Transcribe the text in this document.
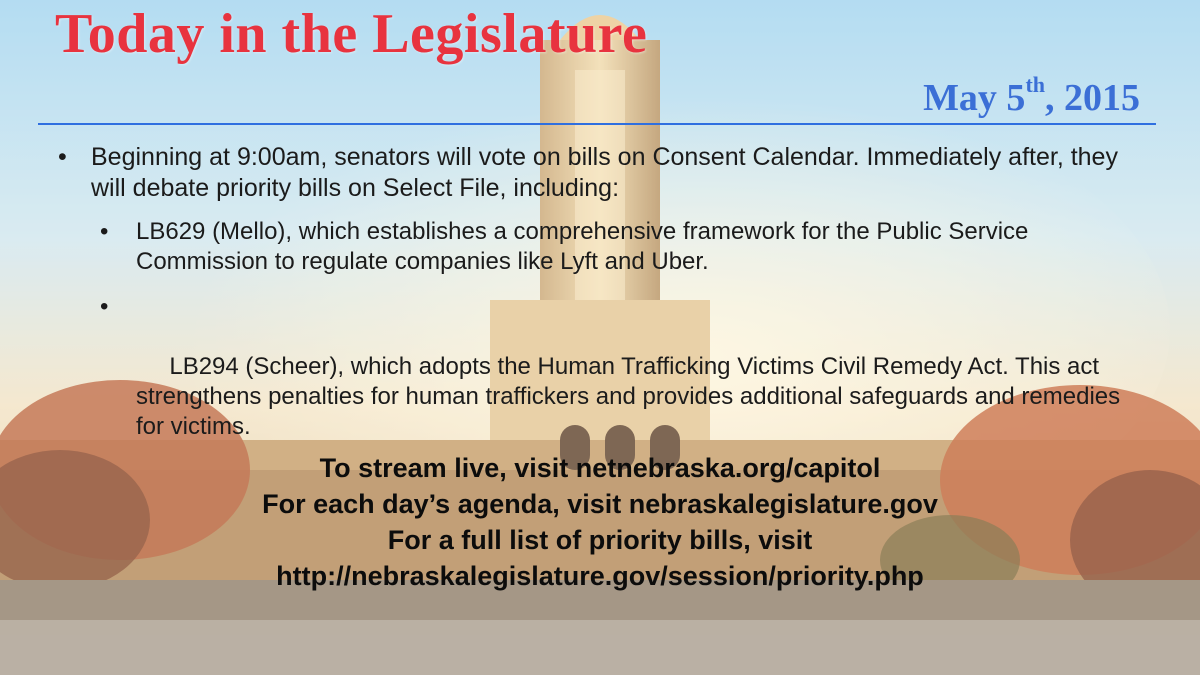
Today in the Legislature
May 5th, 2015
• Beginning at 9:00am, senators will vote on bills on Consent Calendar. Immediately after, they will debate priority bills on Select File, including:
• LB629 (Mello), which establishes a comprehensive framework for the Public Service Commission to regulate companies like Lyft and Uber.

•

LB294 (Scheer), which adopts the Human Trafficking Victims Civil Remedy Act. This act strengthens penalties for human traffickers and provides additional safeguards and remedies for victims.

To stream live, visit netnebraska.org/capitol
For each day’s agenda, visit nebraskalegislature.gov
For a full list of priority bills, visit
http://nebraskalegislature.gov/session/priority.php
